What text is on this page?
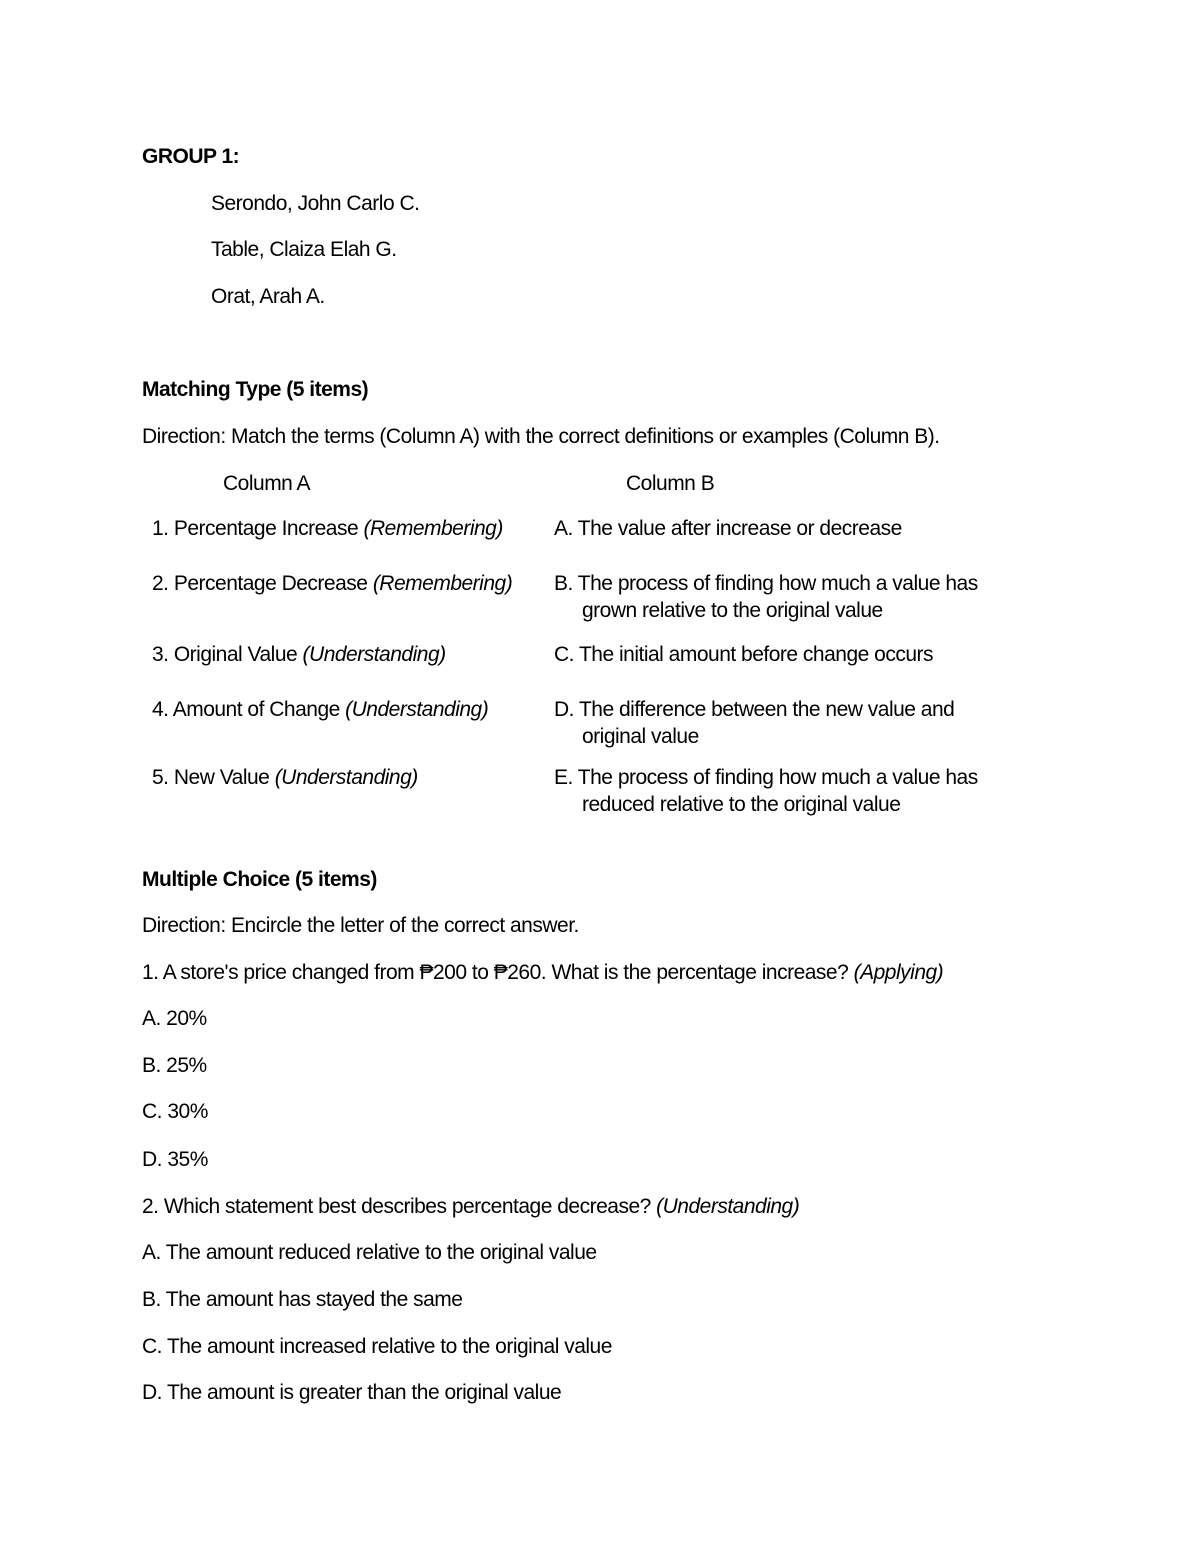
GROUP 1:
Serondo, John Carlo C.
Table, Claiza Elah G.
Orat, Arah A.
Matching Type (5 items)
Direction: Match the terms (Column A) with the correct definitions or examples (Column B).
Column A	Column B
1. Percentage Increase (Remembering) A. The value after increase or decrease
2. Percentage Decrease (Remembering) B. The process of finding how much a value has
grown relative to the original value
3. Original Value (Understanding)	C. The initial amount before change occurs
4. Amount of Change (Understanding)	D. The difference between the new value and
original value
5. New Value (Understanding)	E. The process of finding how much a value has
reduced relative to the original value
Multiple Choice (5 items)
Direction: Encircle the letter of the correct answer.
1. A store's price changed from ₱200 to ₱260. What is the percentage increase? (Applying)
A. 20%
B. 25%
C. 30%
D. 35%
2. Which statement best describes percentage decrease? (Understanding)
A. The amount reduced relative to the original value
B. The amount has stayed the same
C. The amount increased relative to the original value
D. The amount is greater than the original value
